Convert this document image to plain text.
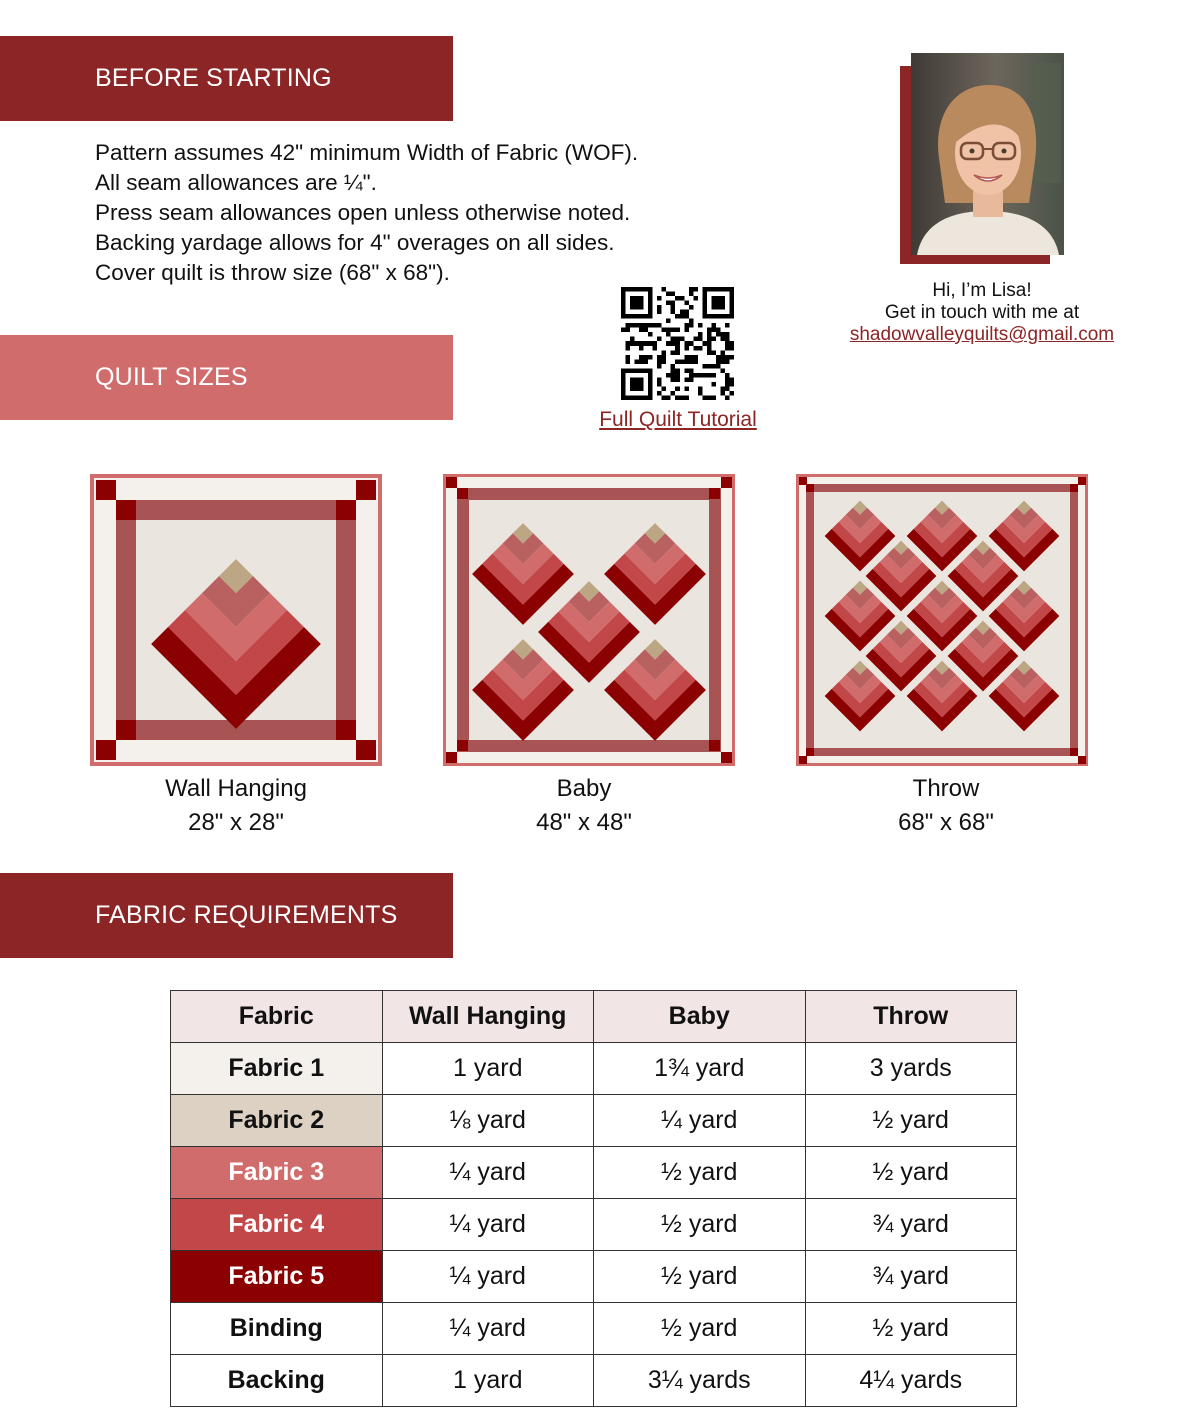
BEFORE STARTING
Pattern assumes 42" minimum Width of Fabric (WOF).
All seam allowances are ¼".
Press seam allowances open unless otherwise noted.
Backing yardage allows for 4" overages on all sides.
Cover quilt is throw size (68" x 68").
Hi, I’m Lisa!
Get in touch with me at
shadowvalleyquilts@gmail.com
Full Quilt Tutorial
QUILT SIZES
Wall Hanging
28" x 28"
Baby
48" x 48"
Throw
68" x 68"
FABRIC REQUIREMENTS
Fabric	Wall Hanging	Baby	Throw
Fabric 1	1 yard	1¾ yard	3 yards
Fabric 2	⅛ yard	¼ yard	½ yard
Fabric 3	¼ yard	½ yard	½ yard
Fabric 4	¼ yard	½ yard	¾ yard
Fabric 5	¼ yard	½ yard	¾ yard
Binding	¼ yard	½ yard	½ yard
Backing	1 yard	3¼ yards	4¼ yards
